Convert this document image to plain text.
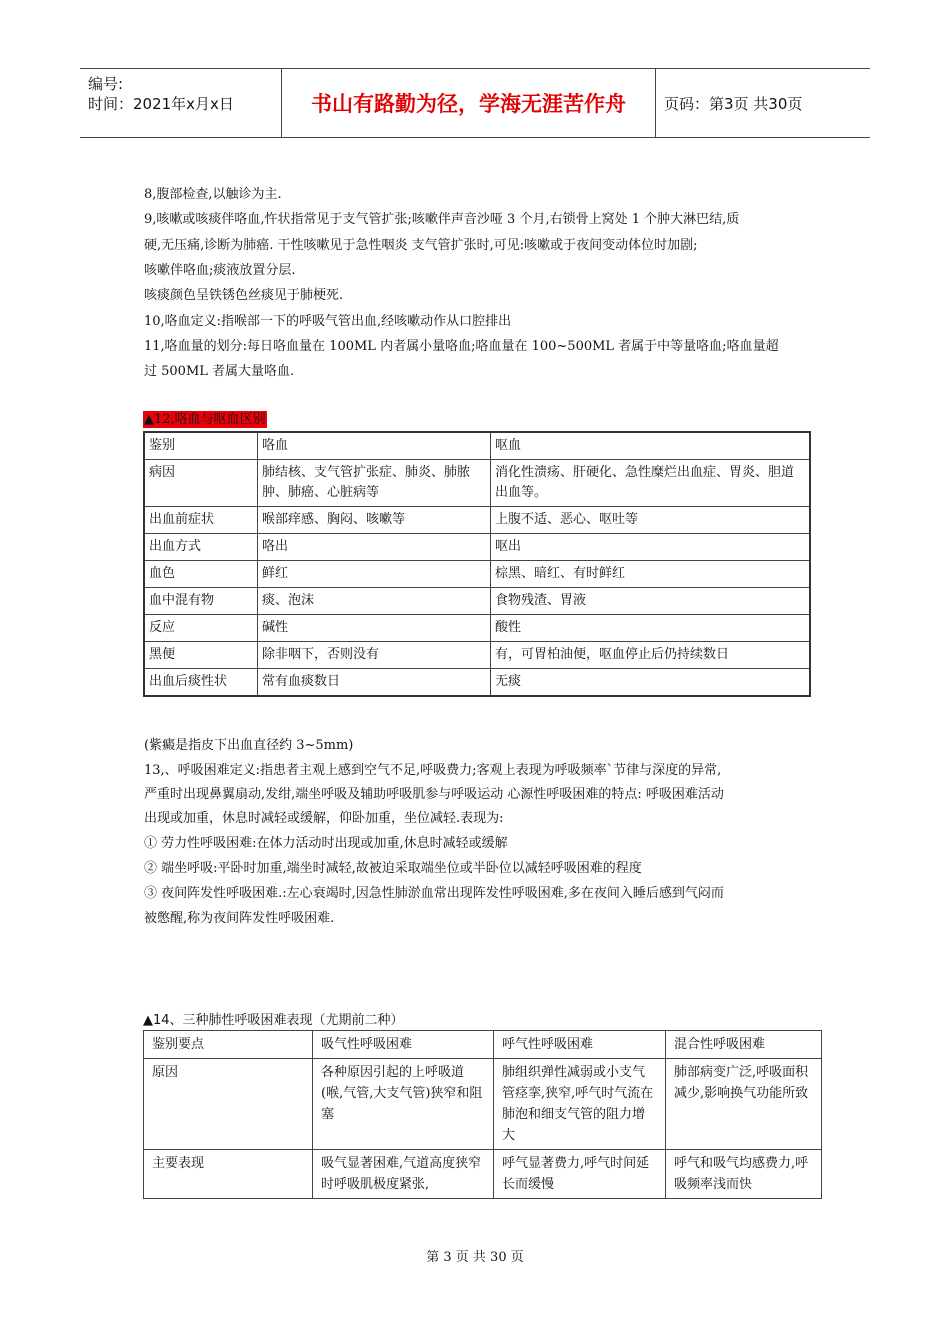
编号:
时间：2021年x月x日	书山有路勤为径，学海无涯苦作舟	页码：第3页 共30页
8,腹部检查,以触诊为主.
9,咳嗽或咳痰伴咯血,忤状指常见于支气管扩张;咳嗽伴声音沙哑 3 个月,右锁骨上窝处 1 个肿大淋巴结,质
硬,无压痛,诊断为肺癌. 干性咳嗽见于急性咽炎 支气管扩张时,可见:咳嗽或于夜间变动体位时加剧;
咳嗽伴咯血;痰液放置分层.
咳痰颜色呈铁锈色丝痰见于肺梗死.
10,咯血定义:指喉部一下的呼吸气管出血,经咳嗽动作从口腔排出
11,咯血量的划分:每日咯血量在 100ML 内者属小量咯血;咯血量在 100~500ML 者属于中等量咯血;咯血量超
过 500ML 者属大量咯血.
▲12,咯血与呕血区别
鉴别	咯血	呕血
病因	肺结核、支气管扩张症、肺炎、肺脓肿、肺癌、心脏病等	消化性溃疡、肝硬化、急性糜烂出血症、胃炎、胆道出血等。
出血前症状	喉部痒感、胸闷、咳嗽等	上腹不适、恶心、呕吐等
出血方式	咯出	呕出
血色	鲜红	棕黑、暗红、有时鲜红
血中混有物	痰、泡沫	食物残渣、胃液
反应	碱性	酸性
黑便	除非咽下，否则没有	有，可胃柏油便，呕血停止后仍持续数日
出血后痰性状	常有血痰数日	无痰
(紫癜是指皮下出血直径约 3~5mm)
13,、呼吸困难定义:指患者主观上感到空气不足,呼吸费力;客观上表现为呼吸频率`节律与深度的异常,
严重时出现鼻翼扇动,发绀,端坐呼吸及辅助呼吸肌参与呼吸运动 心源性呼吸困难的特点: 呼吸困难活动
出现或加重，休息时减轻或缓解，仰卧加重，坐位减轻.表现为:
① 劳力性呼吸困难:在体力活动时出现或加重,休息时减轻或缓解
② 端坐呼吸:平卧时加重,端坐时减轻,故被迫采取端坐位或半卧位以减轻呼吸困难的程度
③ 夜间阵发性呼吸困难.:左心衰竭时,因急性肺淤血常出现阵发性呼吸困难,多在夜间入睡后感到气闷而
被憋醒,称为夜间阵发性呼吸困难.
▲14、三种肺性呼吸困难表现（尤期前二种）
鉴别要点	吸气性呼吸困难	呼气性呼吸困难	混合性呼吸困难
原因	各种原因引起的上呼吸道(喉,气管,大支气管)狭窄和阻塞	肺组织弹性减弱或小支气管痉挛,狭窄,呼气时气流在肺泡和细支气管的阻力增大	肺部病变广泛,呼吸面积减少,影响换气功能所致
主要表现	吸气显著困难,气道高度狭窄时呼吸肌极度紧张,	呼气显著费力,呼气时间延长而缓慢	呼气和吸气均感费力,呼吸频率浅而快
第 3 页 共 30 页
